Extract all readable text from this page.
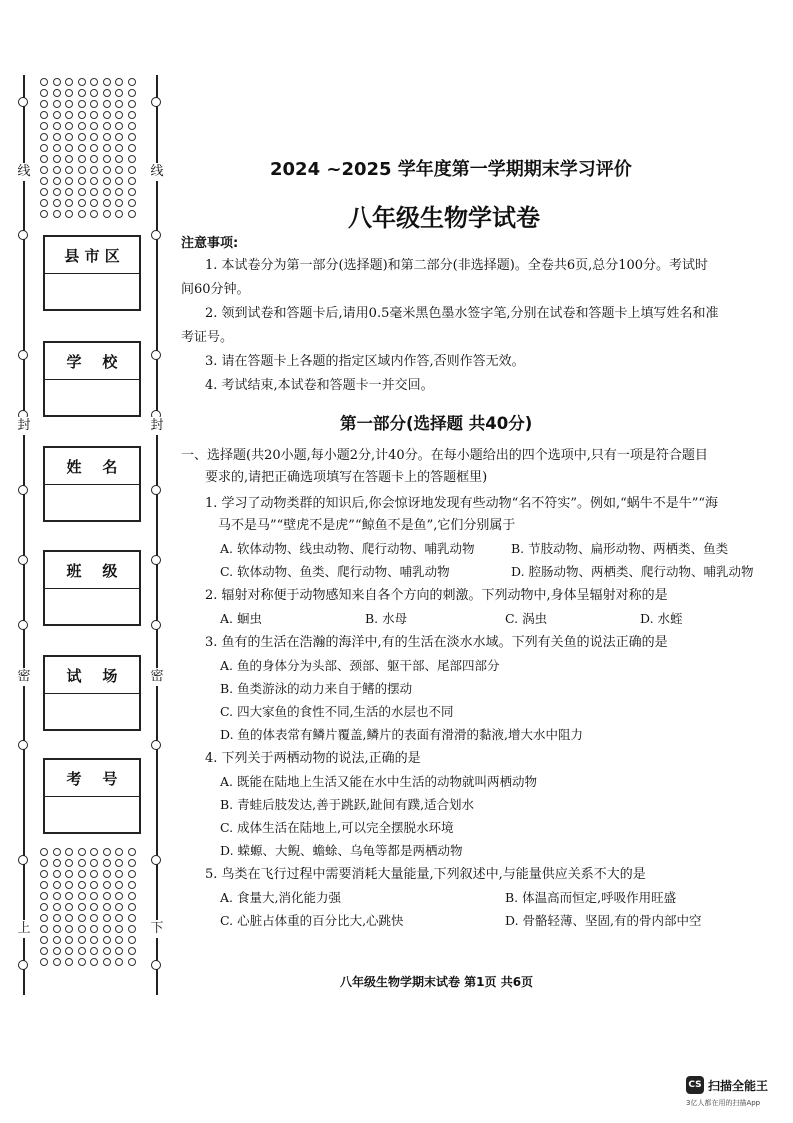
线
封
密
上
线
封
密
下
县 市 区
学    校
姓    名
班    级
试    场
考    号
2024 ~2025 学年度第一学期期末学习评价
八年级生物学试卷
注意事项:
1. 本试卷分为第一部分(选择题)和第二部分(非选择题)。全卷共6页,总分100分。考试时
间60分钟。
2. 领到试卷和答题卡后,请用0.5毫米黑色墨水签字笔,分别在试卷和答题卡上填写姓名和准
考证号。
3. 请在答题卡上各题的指定区域内作答,否则作答无效。
4. 考试结束,本试卷和答题卡一并交回。
第一部分(选择题 共40分)
一、选择题(共20小题,每小题2分,计40分。在每小题给出的四个选项中,只有一项是符合题目
要求的,请把正确选项填写在答题卡上的答题框里)
1. 学习了动物类群的知识后,你会惊讶地发现有些动物“名不符实”。例如,“蜗牛不是牛”“海
马不是马”“壁虎不是虎”“鲸鱼不是鱼”,它们分别属于
A. 软体动物、线虫动物、爬行动物、哺乳动物	B. 节肢动物、扁形动物、两栖类、鱼类
C. 软体动物、鱼类、爬行动物、哺乳动物	D. 腔肠动物、两栖类、爬行动物、哺乳动物
2. 辐射对称便于动物感知来自各个方向的刺激。下列动物中,身体呈辐射对称的是
A. 蛔虫	B. 水母	C. 涡虫	D. 水蛭
3. 鱼有的生活在浩瀚的海洋中,有的生活在淡水水域。下列有关鱼的说法正确的是
A. 鱼的身体分为头部、颈部、躯干部、尾部四部分
B. 鱼类游泳的动力来自于鳍的摆动
C. 四大家鱼的食性不同,生活的水层也不同
D. 鱼的体表常有鳞片覆盖,鳞片的表面有滑滑的黏液,增大水中阻力
4. 下列关于两栖动物的说法,正确的是
A. 既能在陆地上生活又能在水中生活的动物就叫两栖动物
B. 青蛙后肢发达,善于跳跃,趾间有蹼,适合划水
C. 成体生活在陆地上,可以完全摆脱水环境
D. 蝾螈、大鲵、蟾蜍、乌龟等都是两栖动物
5. 鸟类在飞行过程中需要消耗大量能量,下列叙述中,与能量供应关系不大的是
A. 食量大,消化能力强	B. 体温高而恒定,呼吸作用旺盛
C. 心脏占体重的百分比大,心跳快	D. 骨骼轻薄、坚固,有的骨内部中空
八年级生物学期末试卷 第1页 共6页
CS 扫描全能王
3亿人都在用的扫描App
